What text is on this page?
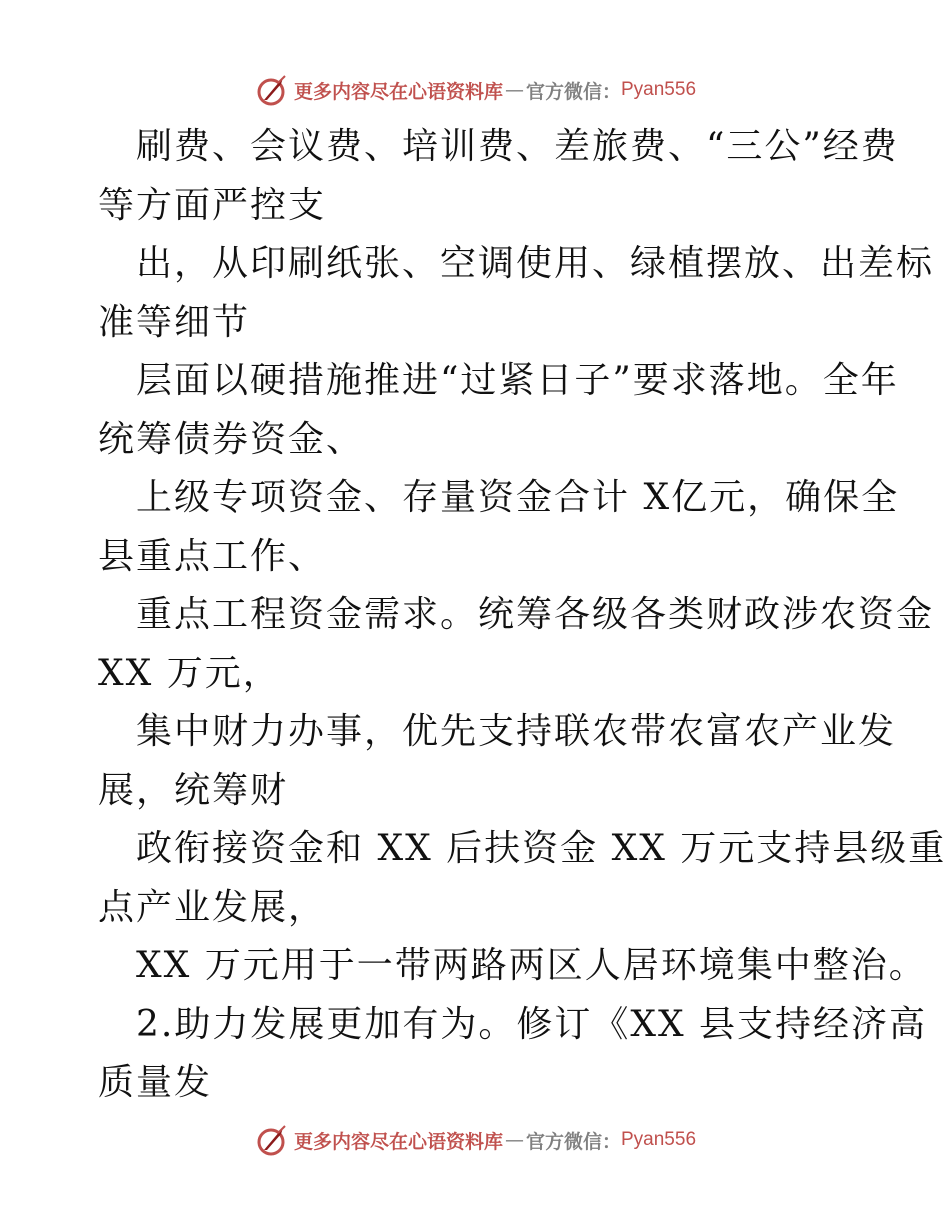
更多内容尽在心语资料库 — 官方微信： Pyan556
刷费、会议费、培训费、差旅费、“三公”经费
等方面严控支
出，从印刷纸张、空调使用、绿植摆放、出差标
准等细节
层面以硬措施推进“过紧日子”要求落地。全年
统筹债券资金、
上级专项资金、存量资金合计 X亿元，确保全
县重点工作、
重点工程资金需求。统筹各级各类财政涉农资金
XX 万元，
集中财力办事，优先支持联农带农富农产业发
展，统筹财
政衔接资金和 XX 后扶资金 XX 万元支持县级重
点产业发展，
XX 万元用于一带两路两区人居环境集中整治。
2.助力发展更加有为。修订《XX 县支持经济高
质量发
更多内容尽在心语资料库 — 官方微信： Pyan556
